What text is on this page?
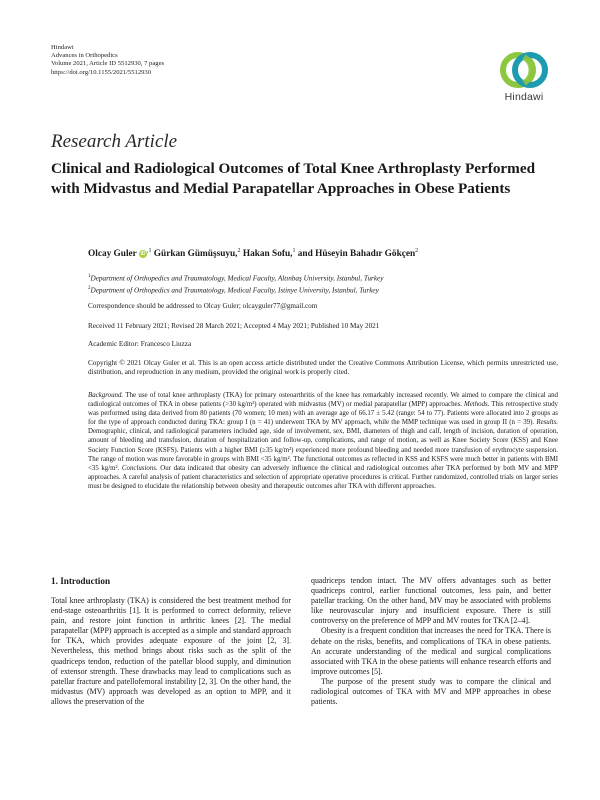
Hindawi
Advances in Orthopedics
Volume 2021, Article ID 5512930, 7 pages
https://doi.org/10.1155/2021/5512930
Hindawi
Research Article
Clinical and Radiological Outcomes of Total Knee Arthroplasty Performed with Midvastus and Medial Parapatellar Approaches in Obese Patients
Olcay Guler $iD^{,1}$ Gürkan Gümüşsuyu,$^2$ Hakan Sofu,$^1$ and Hüseyin Bahadır Gökçen$^2$
$^1$Department of Orthopedics and Traumatology, Medical Faculty, Altınbaş University, Istanbul, Turkey
$^2$Department of Orthopedics and Traumatology, Medical Faculty, Istinye University, Istanbul, Turkey
Correspondence should be addressed to Olcay Guler; olcayguler77@gmail.com
Received 11 February 2021; Revised 28 March 2021; Accepted 4 May 2021; Published 10 May 2021
Academic Editor: Francesco Liuzza
Copyright © 2021 Olcay Guler et al. This is an open access article distributed under the Creative Commons Attribution License, which permits unrestricted use, distribution, and reproduction in any medium, provided the original work is properly cited.
Background. The use of total knee arthroplasty (TKA) for primary osteoarthritis of the knee has remarkably increased recently. We aimed to compare the clinical and radiological outcomes of TKA in obese patients (>30 kg/m²) operated with midvastus (MV) or medial parapatellar (MPP) approaches. Methods. This retrospective study was performed using data derived from 80 patients (70 women; 10 men) with an average age of 66.17 ± 5.42 (range: 54 to 77). Patients were allocated into 2 groups as for the type of approach conducted during TKA: group I (n = 41) underwent TKA by MV approach, while the MMP technique was used in group II (n = 39). Results. Demographic, clinical, and radiological parameters included age, side of involvement, sex, BMI, diameters of thigh and calf, length of incision, duration of operation, amount of bleeding and transfusion, duration of hospitalization and follow-up, complications, and range of motion, as well as Knee Society Score (KSS) and Knee Society Function Score (KSFS). Patients with a higher BMI (≥35 kg/m²) experienced more profound bleeding and needed more transfusion of erythrocyte suspension. The range of motion was more favorable in groups with BMI <35 kg/m². The functional outcomes as reflected in KSS and KSFS were much better in patients with BMI <35 kg/m². Conclusions. Our data indicated that obesity can adversely influence the clinical and radiological outcomes after TKA performed by both MV and MPP approaches. A careful analysis of patient characteristics and selection of appropriate operative procedures is critical. Further randomized, controlled trials on larger series must be designed to elucidate the relationship between obesity and therapeutic outcomes after TKA with different approaches.
1. Introduction

Total knee arthroplasty (TKA) is considered the best treatment method for end-stage osteoarthritis [1]. It is performed to correct deformity, relieve pain, and restore joint function in arthritic knees [2]. The medial parapatellar (MPP) approach is accepted as a simple and standard approach for TKA, which provides adequate exposure of the joint [2, 3]. Nevertheless, this method brings about risks such as the split of the quadriceps tendon, reduction of the patellar blood supply, and diminution of extensor strength. These drawbacks may lead to complications such as patellar fracture and patellofemoral instability [2, 3]. On the other hand, the midvastus (MV) approach was developed as an option to MPP, and it allows the preservation of the

quadriceps tendon intact. The MV offers advantages such as better quadriceps control, earlier functional outcomes, less pain, and better patellar tracking. On the other hand, MV may be associated with problems like neurovascular injury and insufficient exposure. There is still controversy on the preference of MPP and MV routes for TKA [2–4].

Obesity is a frequent condition that increases the need for TKA. There is debate on the risks, benefits, and complications of TKA in obese patients. An accurate understanding of the medical and surgical complications associated with TKA in the obese patients will enhance research efforts and improve outcomes [5].

The purpose of the present study was to compare the clinical and radiological outcomes of TKA with MV and MPP approaches in obese patients.
